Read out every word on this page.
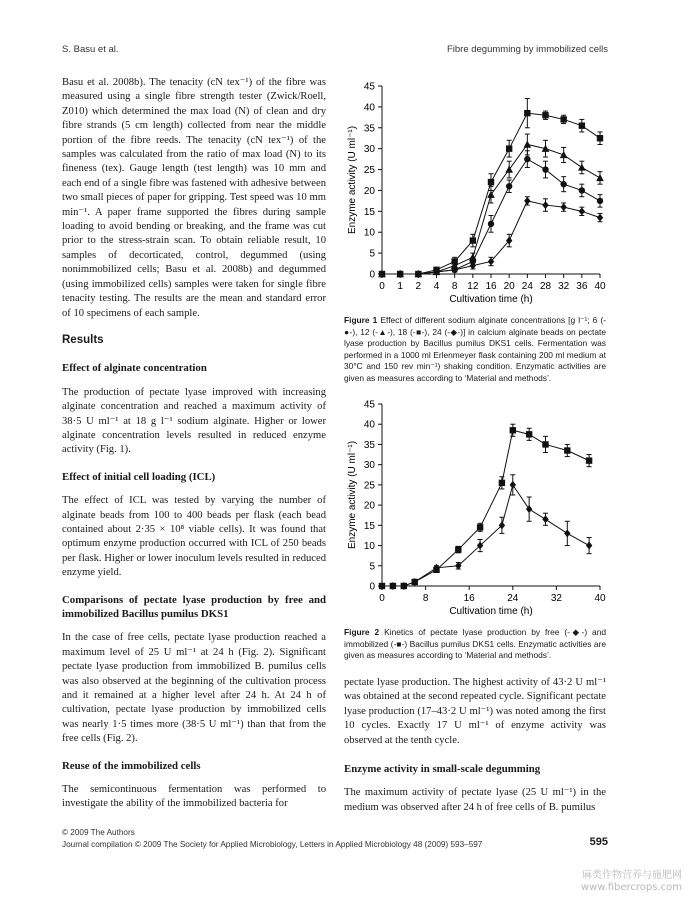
S. Basu et al.	Fibre degumming by immobilized cells

Basu et al. 2008b). The tenacity (cN tex⁻¹) of the fibre was measured using a single fibre strength tester (Zwick/Roell, Z010) which determined the max load (N) of clean and dry fibre strands (5 cm length) collected from near the middle portion of the fibre reeds. The tenacity (cN tex⁻¹) of the samples was calculated from the ratio of max load (N) to its fineness (tex). Gauge length (test length) was 10 mm and each end of a single fibre was fastened with adhesive between two small pieces of paper for gripping. Test speed was 10 mm min⁻¹. A paper frame supported the fibres during sample loading to avoid bending or breaking, and the frame was cut prior to the stress-strain scan. To obtain reliable result, 10 samples of decorticated, control, degummed (using nonimmobilized cells; Basu et al. 2008b) and degummed (using immobilized cells) samples were taken for single fibre tenacity testing. The results are the mean and standard error of 10 specimens of each sample.

Results
Effect of alginate concentration

The production of pectate lyase improved with increasing alginate concentration and reached a maximum activity of 38·5 U ml⁻¹ at 18 g l⁻¹ sodium alginate. Higher or lower alginate concentration levels resulted in reduced enzyme activity (Fig. 1).

Effect of initial cell loading (ICL)

The effect of ICL was tested by varying the number of alginate beads from 100 to 400 beads per flask (each bead contained about 2·35 × 10⁸ viable cells). It was found that optimum enzyme production occurred with ICL of 250 beads per flask. Higher or lower inoculum levels resulted in reduced enzyme yield.

Comparisons of pectate lyase production by free and immobilized Bacillus pumilus DKS1

In the case of free cells, pectate lyase production reached a maximum level of 25 U ml⁻¹ at 24 h (Fig. 2). Significant pectate lyase production from immobilized B. pumilus cells was also observed at the beginning of the cultivation process and it remained at a higher level after 24 h. At 24 h of cultivation, pectate lyase production by immobilized cells was nearly 1·5 times more (38·5 U ml⁻¹) than that from the free cells (Fig. 2).

Reuse of the immobilized cells

The semicontinuous fermentation was performed to investigate the ability of the immobilized bacteria for

0
5
10
15
20
25
30
35
40
45
0 1 2 4 8 12 16 20 24 28 32 36 40
Cultivation time (h)
Enzyme activity (U ml⁻¹)
Figure 1 Effect of different sodium alginate concentrations [g l⁻¹; 6 (-●-), 12 (-▲-), 18 (-■-), 24 (-◆-)] in calcium alginate beads on pectate lyase production by Bacillus pumilus DKS1 cells. Fermentation was performed in a 1000 ml Erlenmeyer flask containing 200 ml medium at 30°C and 150 rev min⁻¹) shaking condition. Enzymatic activities are given as measures according to ‘Material and methods’.
0
5
10
15
20
25
30
35
40
45
0	8	16	24	32	40
Cultivation time (h)
Enzyme activity (U ml⁻¹)
Figure 2 Kinetics of pectate lyase production by free (-◆-) and immobilized (-■-) Bacillus pumilus DKS1 cells. Enzymatic activities are given as measures according to ‘Material and methods’.

pectate lyase production. The highest activity of 43·2 U ml⁻¹ was obtained at the second repeated cycle. Significant pectate lyase production (17–43·2 U ml⁻¹) was noted among the first 10 cycles. Exactly 17 U ml⁻¹ of enzyme activity was observed at the tenth cycle.

Enzyme activity in small-scale degumming

The maximum activity of pectate lyase (25 U ml⁻¹) in the medium was observed after 24 h of free cells of B. pumilus

© 2009 The Authors
Journal compilation © 2009 The Society for Applied Microbiology, Letters in Applied Microbiology 48 (2009) 593–597	595
麻类作物营养与施肥网
www.fibercrops.com
